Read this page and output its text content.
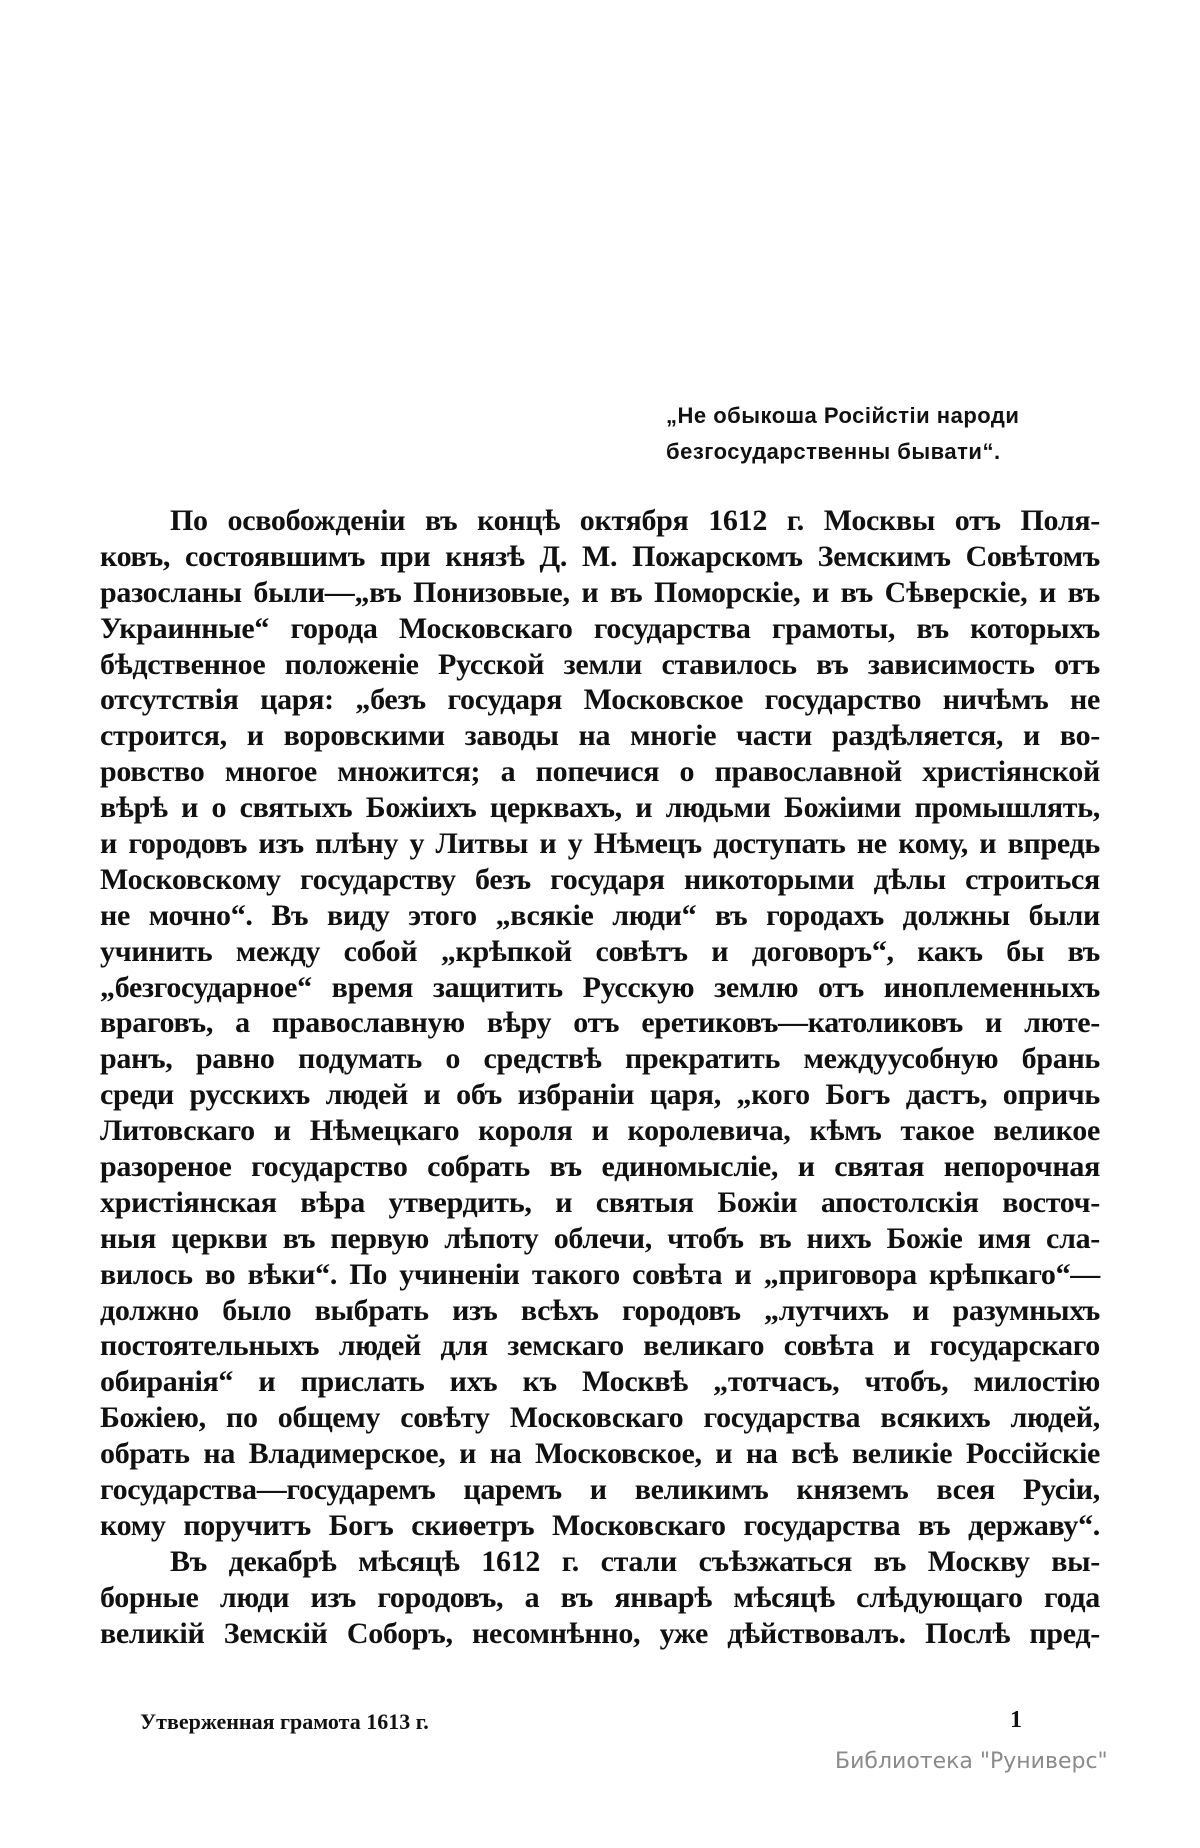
„Не обыкоша Росiйстiи народи
безгосударственны бывати“.
По освобожденiи въ концѣ октября 1612 г. Москвы отъ Поля-
ковъ, состоявшимъ при князѣ Д. М. Пожарскомъ Земскимъ Совѣтомъ
разосланы были—„въ Понизовые, и въ Поморскiе, и въ Сѣверскiе, и въ
Украинные“ города Московскаго государства грамоты, въ которыхъ
бѣдственное положенiе Русской земли ставилось въ зависимость отъ
отсутствiя царя: „безъ государя Московское государство ничѣмъ не
строится, и воровскими заводы на многiе части раздѣляется, и во-
ровство многое множится; а попечися о православной христiянской
вѣрѣ и о святыхъ Божiихъ церквахъ, и людьми Божiими промышлять,
и городовъ изъ плѣну у Литвы и у Нѣмецъ доступать не кому, и впредь
Московскому государству безъ государя никоторыми дѣлы строиться
не мочно“. Въ виду этого „всякiе люди“ въ городахъ должны были
учинить между собой „крѣпкой совѣтъ и договоръ“, какъ бы въ
„безгосударное“ время защитить Русскую землю отъ иноплеменныхъ
враговъ, а православную вѣру отъ еретиковъ—католиковъ и люте-
ранъ, равно подумать о средствѣ прекратить междуусобную брань
среди русскихъ людей и объ избранiи царя, „кого Богъ дастъ, опричь
Литовскаго и Нѣмецкаго короля и королевича, кѣмъ такое великое
разореное государство собрать въ единомыслiе, и святая непорочная
христiянская вѣра утвердить, и святыя Божiи апостолскiя восточ-
ныя церкви въ первую лѣпоту облечи, чтобъ въ нихъ Божiе имя сла-
вилось во вѣки“. По учиненiи такого совѣта и „приговора крѣпкаго“—
должно было выбрать изъ всѣхъ городовъ „лутчихъ и разумныхъ
постоятельныхъ людей для земскаго великаго совѣта и государскаго
обиранiя“ и прислать ихъ къ Москвѣ „тотчасъ, чтобъ, милостiю
Божiею, по общему совѣту Московскаго государства всякихъ людей,
обрать на Владимерское, и на Московское, и на всѣ великiе Россiйскiе
государства—государемъ царемъ и великимъ княземъ всея Русiи,
кому поручитъ Богъ скиѳетръ Московскаго государства въ державу“.
Въ декабрѣ мѣсяцѣ 1612 г. стали съѣзжаться въ Москву вы-
борные люди изъ городовъ, а въ январѣ мѣсяцѣ слѣдующаго года
великiй Земскiй Соборъ, несомнѣнно, уже дѣйствовалъ. Послѣ пред-
Утверженная грамота 1613 г.	1
Библиотека "Руниверс"
